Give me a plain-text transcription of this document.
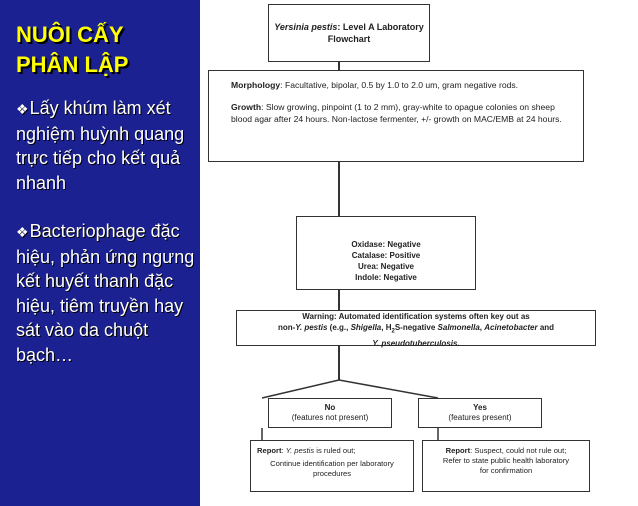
NUÔI CẤY PHÂN LẬP
❖Lấy khúm làm xét nghiệm huỳnh quang trực tiếp cho kết quả nhanh
❖Bacteriophage đặc hiệu, phản ứng ngưng kết huyết thanh đặc hiệu, tiêm truyền hay sát vào da chuột bạch…
Yersinia pestis: Level A Laboratory
Flowchart
Morphology: Facultative, bipolar, 0.5 by 1.0 to 2.0 um, gram negative rods.
Growth: Slow growing, pinpoint (1 to 2 mm), gray-white to opague colonies on sheep blood agar after 24 hours. Non-lactose fermenter, +/- growth on MAC/EMB at 24 hours.
Oxidase: Negative
Catalase: Positive
Urea: Negative
Indole: Negative
Warning: Automated identification systems often key out as
non-Y. pestis (e.g., Shigella, $H_2S$-negative Salmonella, Acinetobacter and
Y. pseudotuberculosis.
No
(features not present)
Yes
(features present)
Report: Y. pestis is ruled out;
Continue identification per laboratory procedures
Report: Suspect, could not rule out;
Refer to state public health laboratory for confirmation
